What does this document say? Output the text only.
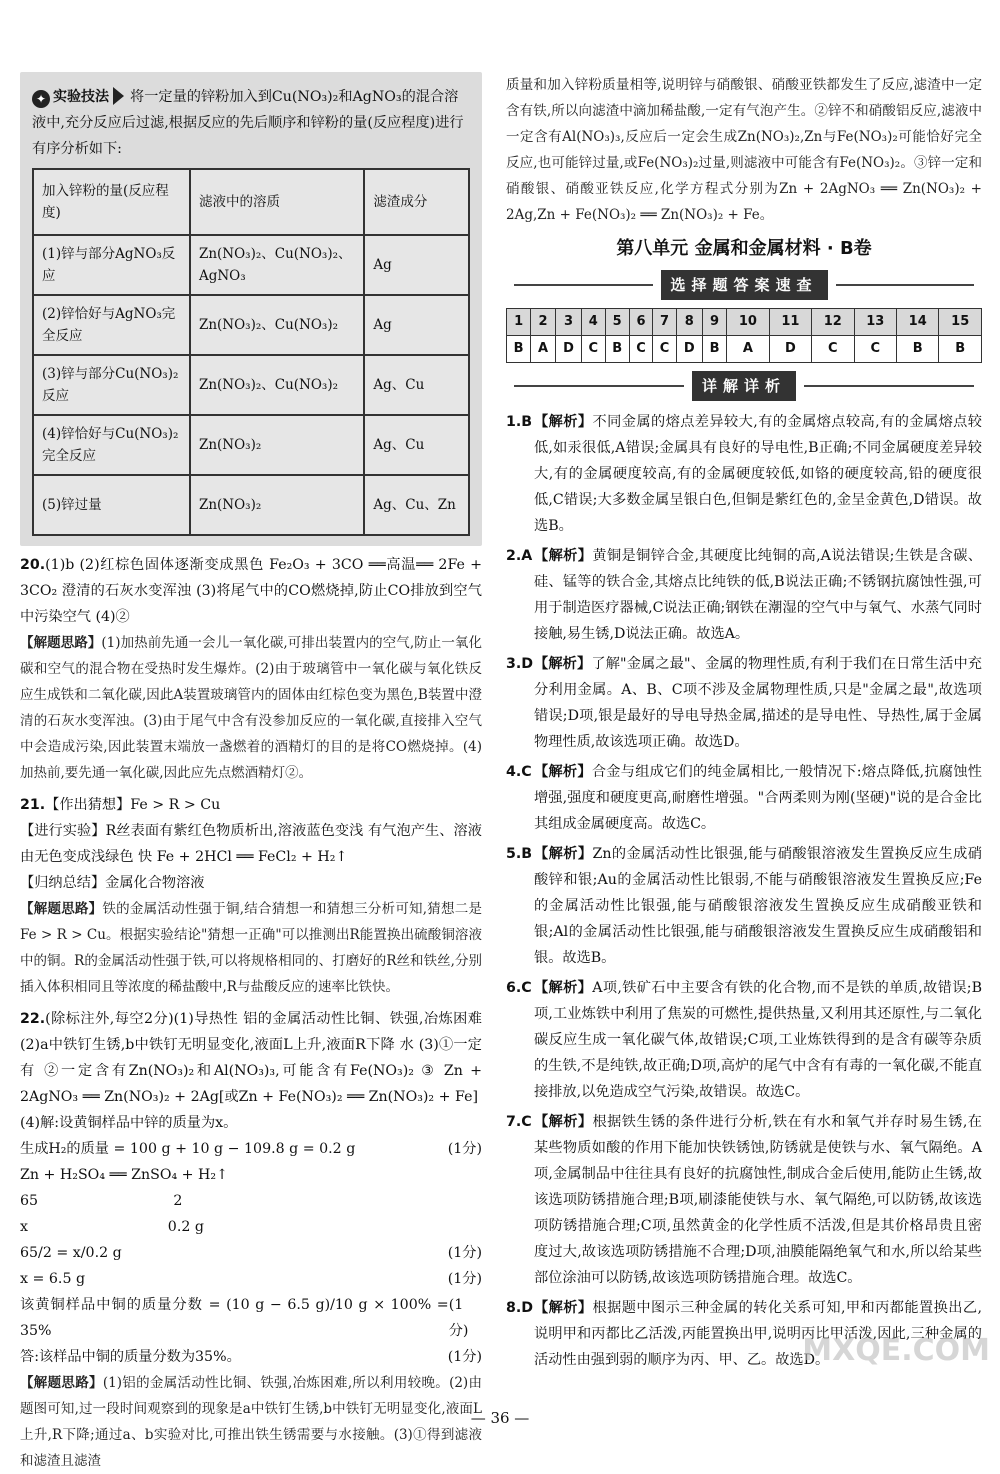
✦ 实验技法 将一定量的锌粉加入到Cu(NO₃)₂和AgNO₃的混合溶液中,充分反应后过滤,根据反应的先后顺序和锌粉的量(反应程度)进行有序分析如下:
加入锌粉的量(反应程度)	滤液中的溶质	滤渣成分
(1)锌与部分AgNO₃反应	Zn(NO₃)₂、Cu(NO₃)₂、AgNO₃	Ag
(2)锌恰好与AgNO₃完全反应	Zn(NO₃)₂、Cu(NO₃)₂	Ag
(3)锌与部分Cu(NO₃)₂反应	Zn(NO₃)₂、Cu(NO₃)₂	Ag、Cu
(4)锌恰好与Cu(NO₃)₂完全反应	Zn(NO₃)₂	Ag、Cu
(5)锌过量	Zn(NO₃)₂	Ag、Cu、Zn

20.(1)b (2)红棕色固体逐渐变成黑色 Fe₂O₃ + 3CO ══高温══ 2Fe + 3CO₂ 澄清的石灰水变浑浊 (3)将尾气中的CO燃烧掉,防止CO排放到空气中污染空气 (4)②

【解题思路】(1)加热前先通一会儿一氧化碳,可排出装置内的空气,防止一氧化碳和空气的混合物在受热时发生爆炸。(2)由于玻璃管中一氧化碳与氧化铁反应生成铁和二氧化碳,因此A装置玻璃管内的固体由红棕色变为黑色,B装置中澄清的石灰水变浑浊。(3)由于尾气中含有没参加反应的一氧化碳,直接排入空气中会造成污染,因此装置末端放一盏燃着的酒精灯的目的是将CO燃烧掉。(4)加热前,要先通一氧化碳,因此应先点燃酒精灯②。

21.【作出猜想】Fe > R > Cu

【进行实验】R丝表面有紫红色物质析出,溶液蓝色变浅 有气泡产生、溶液由无色变成浅绿色 快 Fe + 2HCl ══ FeCl₂ + H₂↑

【归纳总结】金属化合物溶液

【解题思路】铁的金属活动性强于铜,结合猜想一和猜想三分析可知,猜想二是Fe > R > Cu。根据实验结论"猜想一正确"可以推测出R能置换出硫酸铜溶液中的铜。R的金属活动性强于铁,可以将规格相同的、打磨好的R丝和铁丝,分别插入体积相同且等浓度的稀盐酸中,R与盐酸反应的速率比铁快。

22.(除标注外,每空2分)(1)导热性 铝的金属活动性比铜、铁强,冶炼困难 (2)a中铁钉生锈,b中铁钉无明显变化,液面L上升,液面R下降 水 (3)①一定有 ②一定含有Zn(NO₃)₂和Al(NO₃)₃,可能含有Fe(NO₃)₂ ③ Zn + 2AgNO₃ ══ Zn(NO₃)₂ + 2Ag[或Zn + Fe(NO₃)₂ ══ Zn(NO₃)₂ + Fe]

(4)解:设黄铜样品中锌的质量为x。

生成H₂的质量 = 100 g + 10 g − 109.8 g = 0.2 g	(1分)
Zn + H₂SO₄ ══ ZnSO₄ + H₂↑
65                              2
x                               0.2 g
65/2 = x/0.2 g	(1分)
x = 6.5 g	(1分)
该黄铜样品中铜的质量分数 = (10 g − 6.5 g)/10 g × 100% = 35%
(1分)
答:该样品中铜的质量分数为35%。	(1分)

【解题思路】(1)铝的金属活动性比铜、铁强,冶炼困难,所以利用较晚。(2)由题图可知,过一段时间观察到的现象是a中铁钉生锈,b中铁钉无明显变化,液面L上升,R下降;通过a、b实验对比,可推出铁生锈需要与水接触。(3)①得到滤液和滤渣且滤渣

质量和加入锌粉质量相等,说明锌与硝酸银、硝酸亚铁都发生了反应,滤渣中一定含有铁,所以向滤渣中滴加稀盐酸,一定有气泡产生。②锌不和硝酸铝反应,滤液中一定含有Al(NO₃)₃,反应后一定会生成Zn(NO₃)₂,Zn与Fe(NO₃)₂可能恰好完全反应,也可能锌过量,或Fe(NO₃)₂过量,则滤液中可能含有Fe(NO₃)₂。③锌一定和硝酸银、硝酸亚铁反应,化学方程式分别为Zn + 2AgNO₃ ══ Zn(NO₃)₂ + 2Ag,Zn + Fe(NO₃)₂ ══ Zn(NO₃)₂ + Fe。

第八单元 金属和金属材料 · B卷
选择题答案速查
1	2	3	4	5	6	7	8	9	10	11	12	13	14	15
B	A	D	C	B	C	C	D	B	A	D	C	C	B	B
详解详析
1.B 【解析】不同金属的熔点差异较大,有的金属熔点较高,有的金属熔点较低,如汞很低,A错误;金属具有良好的导电性,B正确;不同金属硬度差异较大,有的金属硬度较高,有的金属硬度较低,如铬的硬度较高,铅的硬度很低,C错误;大多数金属呈银白色,但铜是紫红色的,金呈金黄色,D错误。故选B。
2.A 【解析】黄铜是铜锌合金,其硬度比纯铜的高,A说法错误;生铁是含碳、硅、锰等的铁合金,其熔点比纯铁的低,B说法正确;不锈钢抗腐蚀性强,可用于制造医疗器械,C说法正确;钢铁在潮湿的空气中与氧气、水蒸气同时接触,易生锈,D说法正确。故选A。
3.D 【解析】了解"金属之最"、金属的物理性质,有利于我们在日常生活中充分利用金属。A、B、C项不涉及金属物理性质,只是"金属之最",故选项错误;D项,银是最好的导电导热金属,描述的是导电性、导热性,属于金属物理性质,故该选项正确。故选D。
4.C 【解析】合金与组成它们的纯金属相比,一般情况下:熔点降低,抗腐蚀性增强,强度和硬度更高,耐磨性增强。"合两柔则为刚(坚硬)"说的是合金比其组成金属硬度高。故选C。
5.B 【解析】Zn的金属活动性比银强,能与硝酸银溶液发生置换反应生成硝酸锌和银;Au的金属活动性比银弱,不能与硝酸银溶液发生置换反应;Fe的金属活动性比银强,能与硝酸银溶液发生置换反应生成硝酸亚铁和银;Al的金属活动性比银强,能与硝酸银溶液发生置换反应生成硝酸铝和银。故选B。
6.C 【解析】A项,铁矿石中主要含有铁的化合物,而不是铁的单质,故错误;B项,工业炼铁中利用了焦炭的可燃性,提供热量,又利用其还原性,与二氧化碳反应生成一氧化碳气体,故错误;C项,工业炼铁得到的是含有碳等杂质的生铁,不是纯铁,故正确;D项,高炉的尾气中含有有毒的一氧化碳,不能直接排放,以免造成空气污染,故错误。故选C。
7.C 【解析】根据铁生锈的条件进行分析,铁在有水和氧气并存时易生锈,在某些物质如酸的作用下能加快铁锈蚀,防锈就是使铁与水、氧气隔绝。A项,金属制品中往往具有良好的抗腐蚀性,制成合金后使用,能防止生锈,故该选项防锈措施合理;B项,刷漆能使铁与水、氧气隔绝,可以防锈,故该选项防锈措施合理;C项,虽然黄金的化学性质不活泼,但是其价格昂贵且密度过大,故该选项防锈措施不合理;D项,油膜能隔绝氧气和水,所以给某些部位涂油可以防锈,故该选项防锈措施合理。故选C。
8.D 【解析】根据题中图示三种金属的转化关系可知,甲和丙都能置换出乙,说明甲和丙都比乙活泼,丙能置换出甲,说明丙比甲活泼,因此,三种金属的活动性由强到弱的顺序为丙、甲、乙。故选D。
— 36 —
MXQE.COM
